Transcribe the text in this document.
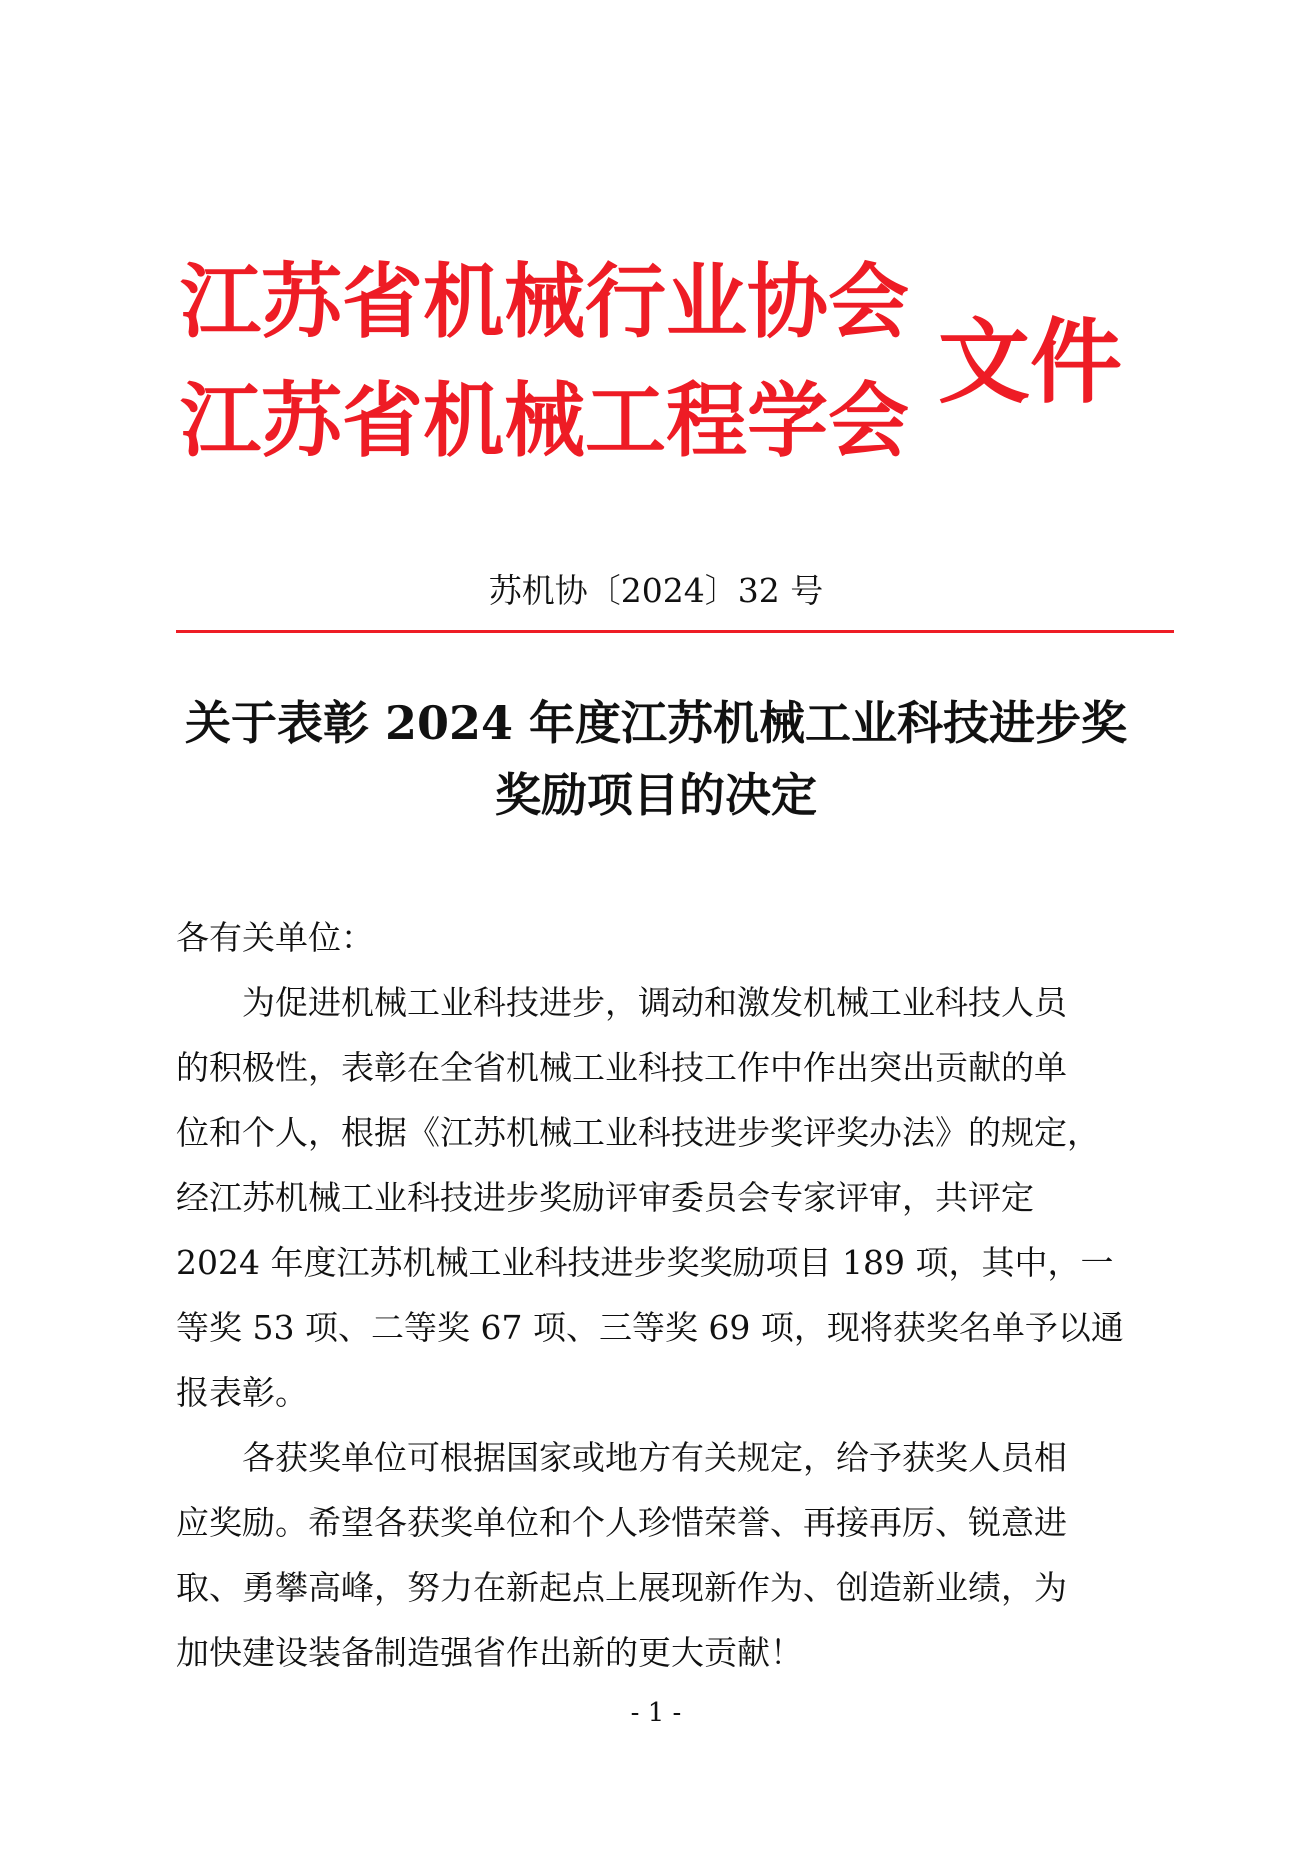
江苏省机械行业协会
江苏省机械工程学会
文件
苏机协〔2024〕32 号
关于表彰 2024 年度江苏机械工业科技进步奖
奖励项目的决定
各有关单位：
　　为促进机械工业科技进步，调动和激发机械工业科技人员
的积极性，表彰在全省机械工业科技工作中作出突出贡献的单
位和个人，根据《江苏机械工业科技进步奖评奖办法》的规定，
经江苏机械工业科技进步奖励评审委员会专家评审，共评定
2024 年度江苏机械工业科技进步奖奖励项目 189 项，其中，一
等奖 53 项、二等奖 67 项、三等奖 69 项，现将获奖名单予以通
报表彰。
　　各获奖单位可根据国家或地方有关规定，给予获奖人员相
应奖励。希望各获奖单位和个人珍惜荣誉、再接再厉、锐意进
取、勇攀高峰，努力在新起点上展现新作为、创造新业绩，为
加快建设装备制造强省作出新的更大贡献！
- 1 -
